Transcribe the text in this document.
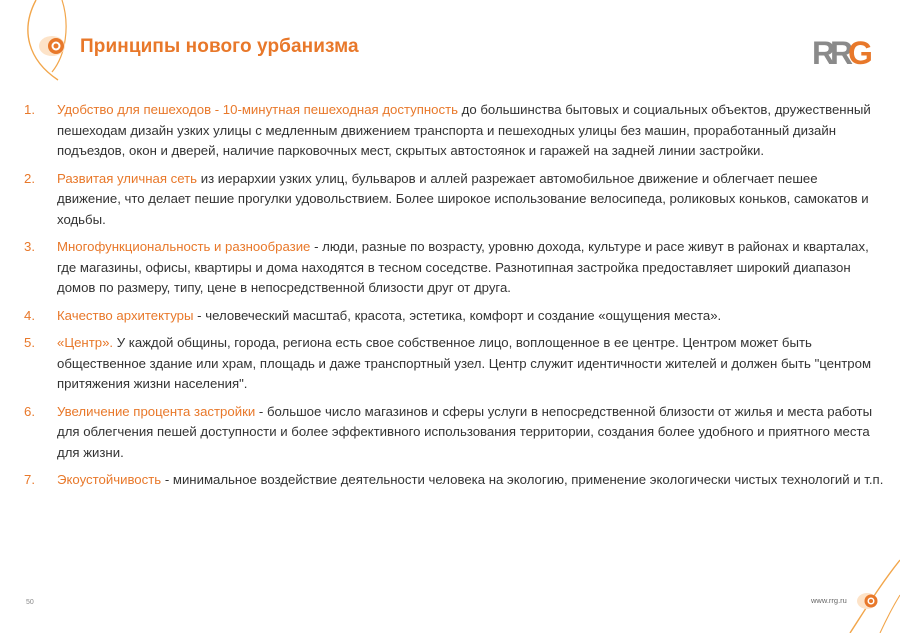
Принципы нового урбанизма	R
R
G
1.	Удобство для пешеходов - 10-минутная пешеходная доступность до большинства бытовых и социальных объектов, дружественный пешеходам дизайн узких улицы с медленным движением транспорта и пешеходных улицы без машин, проработанный дизайн подъездов, окон и дверей, наличие парковочных мест, скрытых автостоянок и гаражей на задней линии застройки.
2.	Развитая уличная сеть из иерархии узких улиц, бульваров и аллей разрежает автомобильное движение и облегчает пешее движение, что делает пешие прогулки удовольствием. Более широкое использование велосипеда, роликовых коньков, самокатов и ходьбы.
3.	Многофункциональность и разнообразие - люди, разные по возрасту, уровню дохода, культуре и расе живут в районах и кварталах, где магазины, офисы, квартиры и дома находятся в тесном соседстве. Разнотипная застройка предоставляет широкий диапазон домов по размеру, типу, цене в непосредственной близости друг от друга.
4.	Качество архитектуры - человеческий масштаб, красота, эстетика, комфорт и создание «ощущения места».
5.	«Центр». У каждой общины, города, региона есть свое собственное лицо, воплощенное в ее центре. Центром может быть общественное здание или храм, площадь и даже транспортный узел. Центр служит идентичности жителей и должен быть "центром притяжения жизни населения".
6.	Увеличение процента застройки - большое число магазинов и сферы услуги в непосредственной близости от жилья и места работы для облегчения пешей доступности и более эффективного использования территории, создания более удобного и приятного места для жизни.
7.	Экоустойчивость - минимальное воздействие деятельности человека на экологию, применение экологически чистых технологий и т.п.
50	www.rrg.ru
